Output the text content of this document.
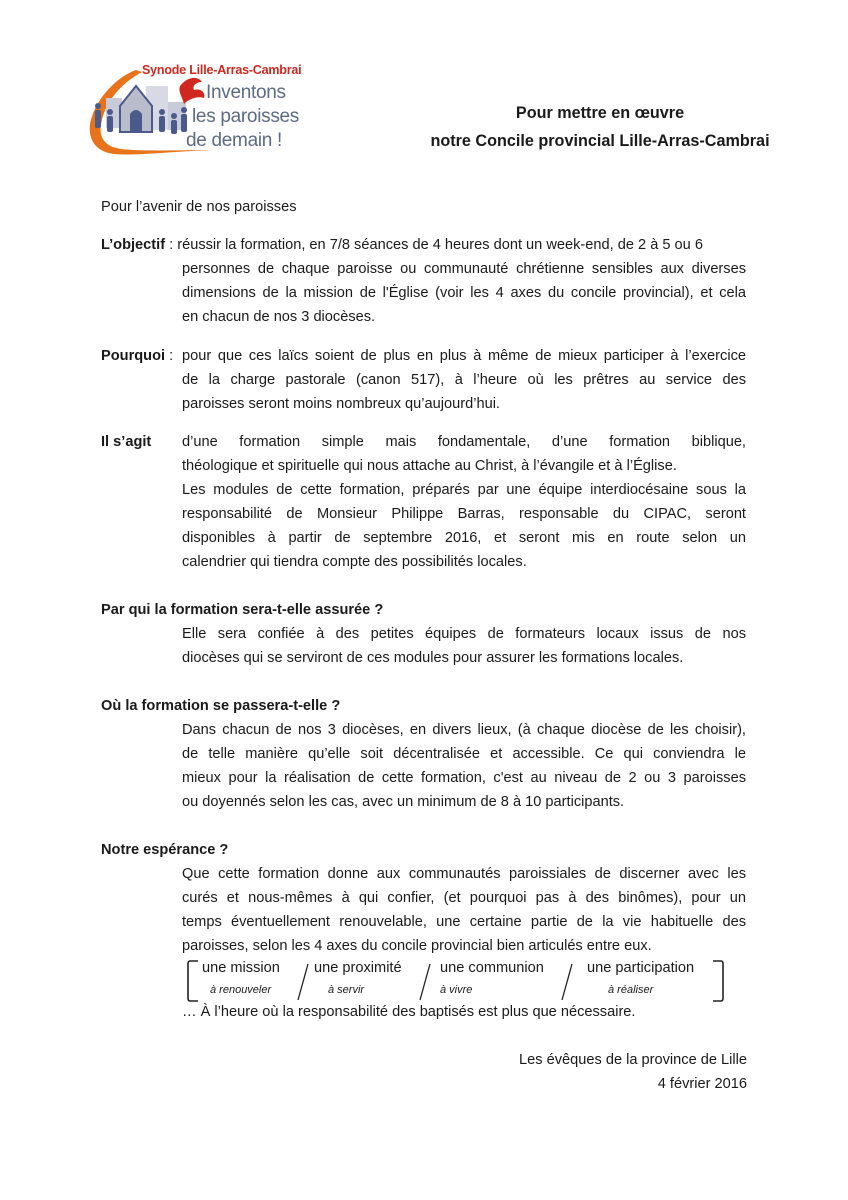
Synode Lille-Arras-Cambrai
Inventons
les paroisses
de demain !
Pour mettre en œuvre
notre Concile provincial Lille-Arras-Cambrai
Pour l’avenir de nos paroisses
L’objectif : réussir la formation, en 7/8 séances de 4 heures dont un week-end, de 2 à 5 ou 6
personnes de chaque paroisse ou communauté chrétienne sensibles aux diverses
dimensions de la mission de l'Église (voir les 4 axes du concile provincial), et cela
en chacun de nos 3 diocèses.
Pourquoi : pour que ces laïcs soient de plus en plus à même de mieux participer à l’exercice
de la charge pastorale (canon 517), à l’heure où les prêtres au service des
paroisses seront moins nombreux qu’aujourd’hui.
Il s’agit d’une formation simple mais fondamentale, d’une formation biblique,
théologique et spirituelle qui nous attache au Christ, à l’évangile et à l’Église.
Les modules de cette formation, préparés par une équipe interdiocésaine sous la
responsabilité de Monsieur Philippe Barras, responsable du CIPAC, seront
disponibles à partir de septembre 2016, et seront mis en route selon un
calendrier qui tiendra compte des possibilités locales.
Par qui la formation sera-t-elle assurée ?
Elle sera confiée à des petites équipes de formateurs locaux issus de nos
diocèses qui se serviront de ces modules pour assurer les formations locales.
Où la formation se passera-t-elle ?
Dans chacun de nos 3 diocèses, en divers lieux, (à chaque diocèse de les choisir),
de telle manière qu’elle soit décentralisée et accessible. Ce qui conviendra le
mieux pour la réalisation de cette formation, c'est au niveau de 2 ou 3 paroisses
ou doyennés selon les cas, avec un minimum de 8 à 10 participants.
Notre espérance ?
Que cette formation donne aux communautés paroissiales de discerner avec les
curés et nous-mêmes à qui confier, (et pourquoi pas à des binômes), pour un
temps éventuellement renouvelable, une certaine partie de la vie habituelle des
paroisses, selon les 4 axes du concile provincial bien articulés entre eux.
une mission
à renouveler
une proximité
à servir
une communion
à vivre
une participation
à réaliser
… À l’heure où la responsabilité des baptisés est plus que nécessaire.
Les évêques de la province de Lille
4 février 2016
